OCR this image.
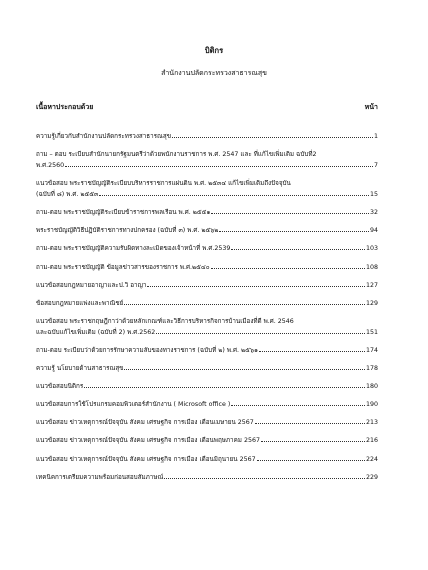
บิติกร
สำนักงานปลัดกระทรวงสาธารณสุข
เนื้อหาประกอบด้วย	หน้า
ความรู้เกี่ยวกับสำนักงานปลัดกระทรวงสาธารณสุข	1
ถาม – ตอบ ระเบียบสำนักนายกรัฐมนตรีว่าด้วยพนักงานราชการ พ.ศ. 2547 และ ที่แก้ไขเพิ่มเติม ฉบับที่2
พ.ศ.2560	7
แนวข้อสอบ พระราชบัญญัติระเบียบบริหารราชการแผ่นดิน พ.ศ. ๒๕๓๔ แก้ไขเพิ่มเติมถึงปัจจุบัน
(ฉบับที่ ๘) พ.ศ. ๒๕๕๓	15
ถาม-ตอบ พระราชบัญญัติระเบียบข้าราชการพลเรือน พ.ศ. ๒๕๕๑	32
พระราชบัญญัติวิธีปฏิบัติราชการทางปกครอง (ฉบับที่ ๓) พ.ศ. ๒๕๖๒	94
ถาม-ตอบ พระราชบัญญัติความรับผิดทางละเมิดของเจ้าหน้าที่ พ.ศ.2539	103
ถาม-ตอบ พระราชบัญญัติ ข้อมูลข่าวสารของราชการ พ.ศ.๒๕๔๐	108
แนวข้อสอบกฎหมายอาญาและป.วิ อาญา	127
ข้อสอบกฎหมายแพ่งและพาณิชย์	129
แนวข้อสอบ พระราชกฤษฎีกาว่าด้วยหลักเกณฑ์และวิธีการบริหารกิจการบ้านเมืองที่ดี พ.ศ. 2546
และฉบับแก้ไขเพิ่มเติม (ฉบับที่ 2) พ.ศ.2562	151
ถาม-ตอบ ระเบียบว่าด้วยการรักษาความลับของทางราชการ (ฉบับที่ ๒) พ.ศ. ๒๕๖๑	174
ความรู้ นโยบายด้านสาธารณสุข	178
แนวข้อสอบนิติกร	180
แนวข้อสอบการใช้โปรแกรมคอมพิวเตอร์สำนักงาน ( Microsoft office )	190
แนวข้อสอบ ข่าวเหตุการณ์ปัจจุบัน สังคม เศรษฐกิจ การเมือง เดือนเมษายน 2567	213
แนวข้อสอบ ข่าวเหตุการณ์ปัจจุบัน สังคม เศรษฐกิจ การเมือง เดือนพฤษภาคม 2567	216
แนวข้อสอบ ข่าวเหตุการณ์ปัจจุบัน สังคม เศรษฐกิจ การเมือง เดือนมิถุนายน 2567	224
เทคนิคการเตรียมความพร้อมก่อนสอบสัมภาษณ์	229
